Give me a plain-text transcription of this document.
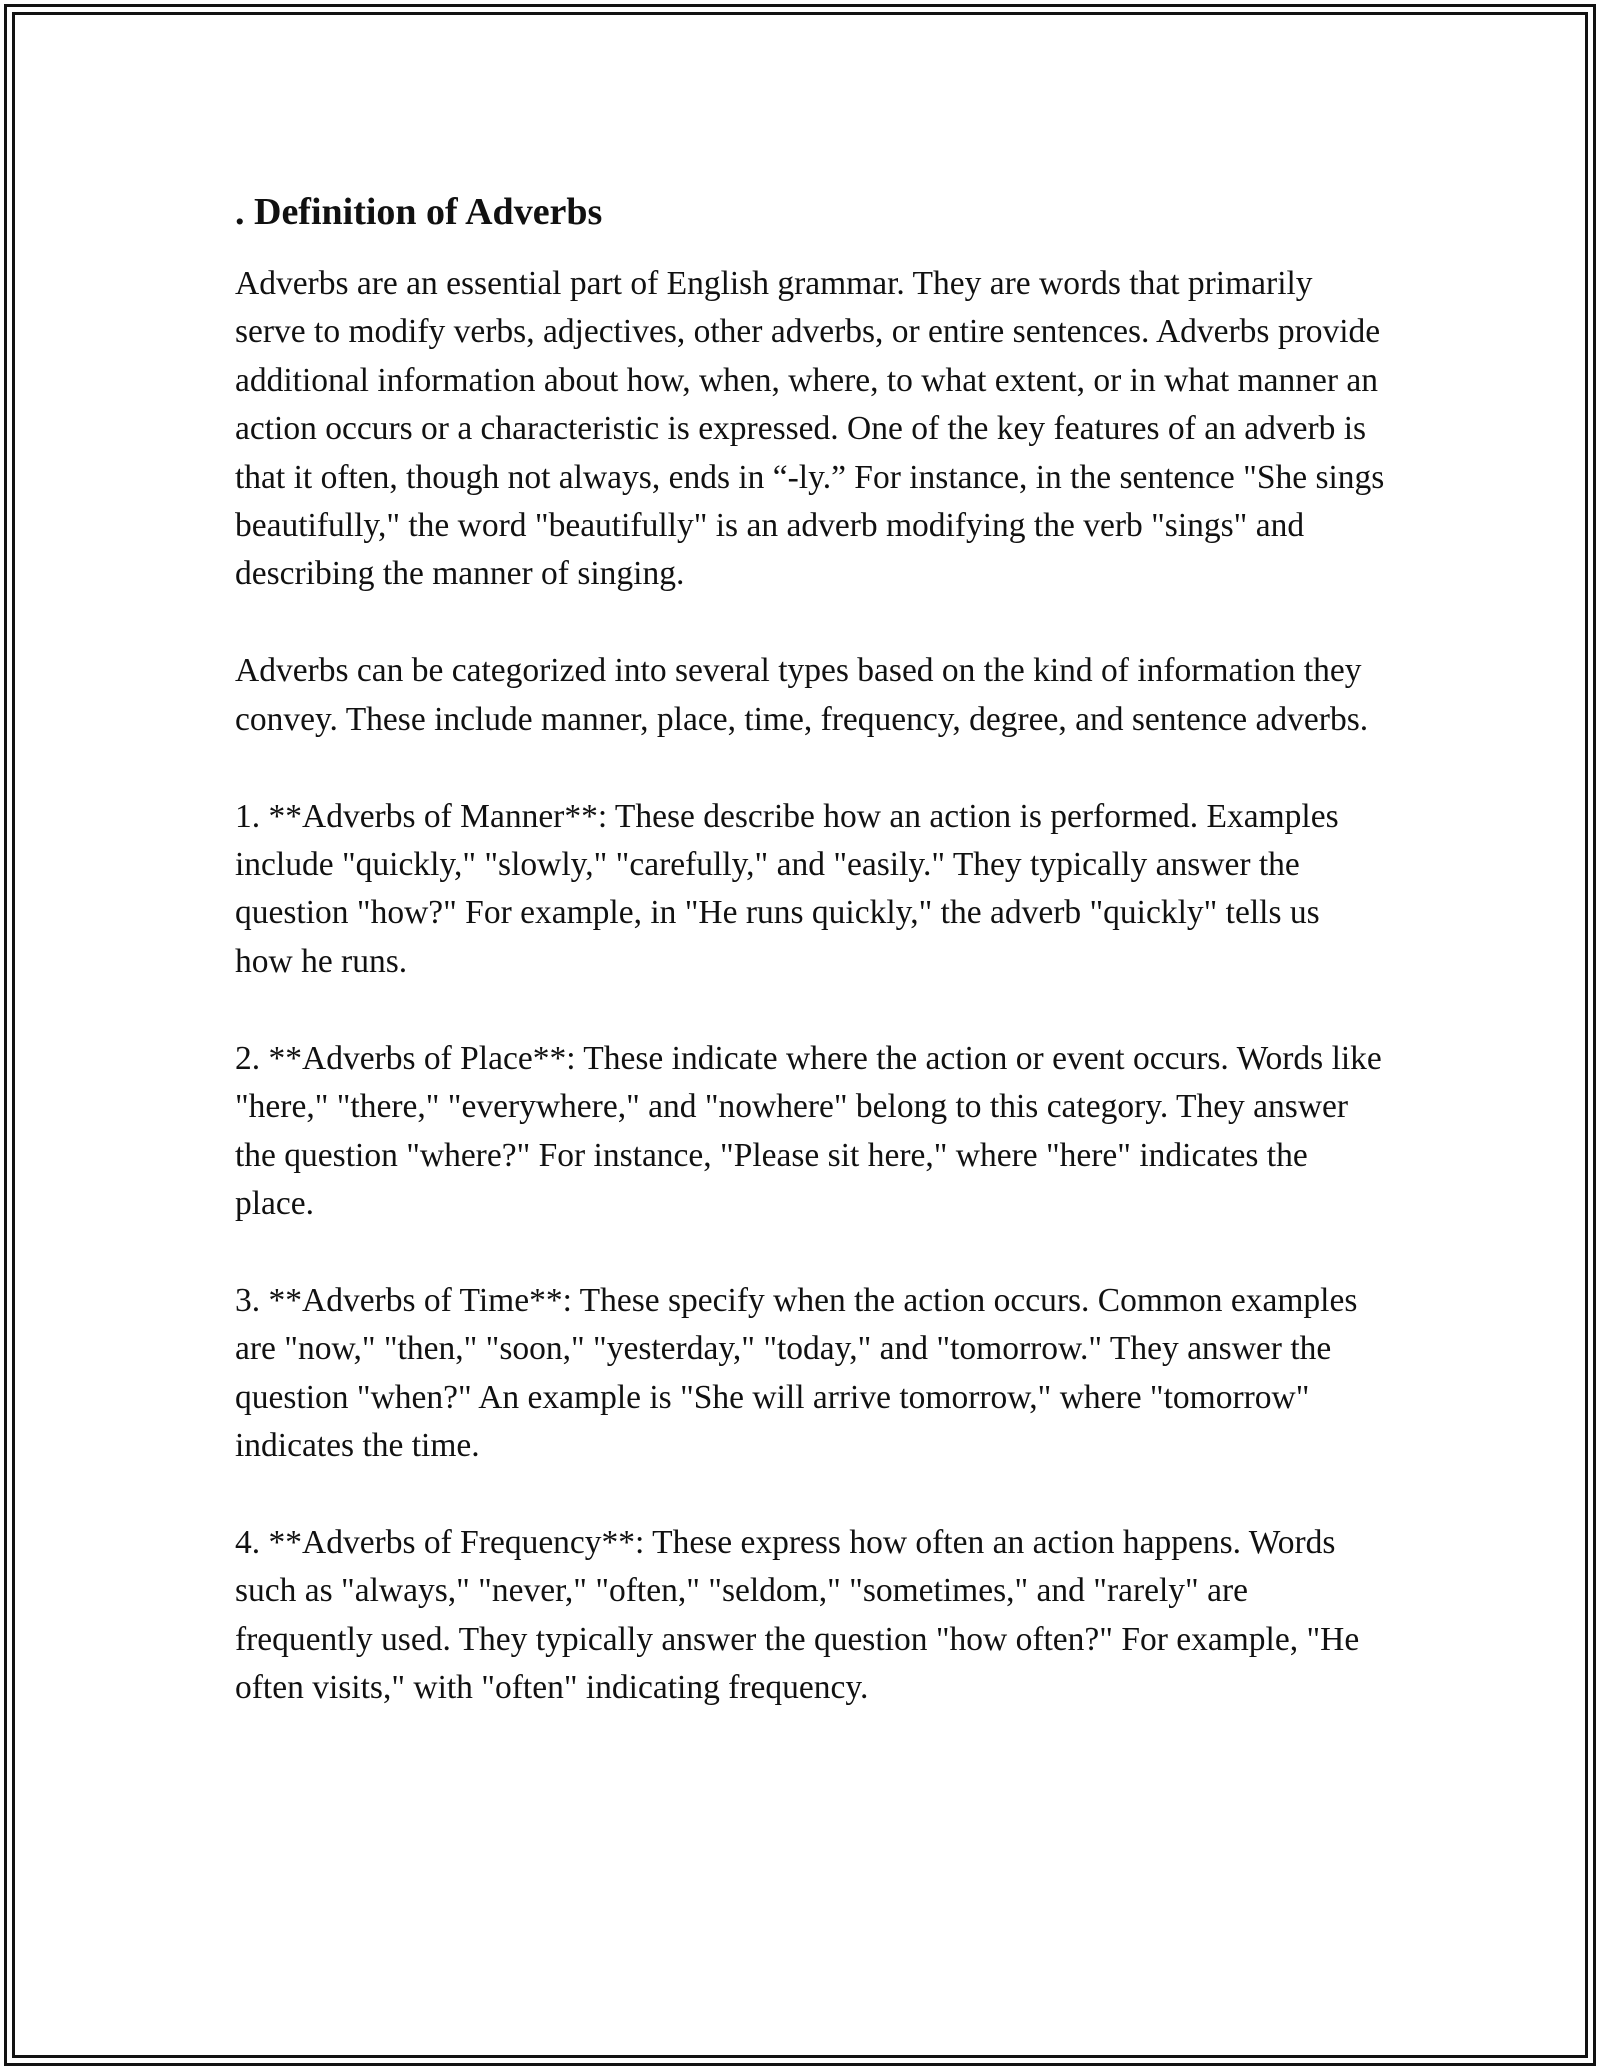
. Definition of Adverbs

Adverbs are an essential part of English grammar. They are words that primarily serve to modify verbs, adjectives, other adverbs, or entire sentences. Adverbs provide additional information about how, when, where, to what extent, or in what manner an action occurs or a characteristic is expressed. One of the key features of an adverb is that it often, though not always, ends in “-ly.” For instance, in the sentence "She sings beautifully," the word "beautifully" is an adverb modifying the verb "sings" and describing the manner of singing.

Adverbs can be categorized into several types based on the kind of information they convey. These include manner, place, time, frequency, degree, and sentence adverbs.

1. **Adverbs of Manner**: These describe how an action is performed. Examples include "quickly," "slowly," "carefully," and "easily." They typically answer the question "how?" For example, in "He runs quickly," the adverb "quickly" tells us how he runs.

2. **Adverbs of Place**: These indicate where the action or event occurs. Words like "here," "there," "everywhere," and "nowhere" belong to this category. They answer the question "where?" For instance, "Please sit here," where "here" indicates the place.

3. **Adverbs of Time**: These specify when the action occurs. Common examples are "now," "then," "soon," "yesterday," "today," and "tomorrow." They answer the question "when?" An example is "She will arrive tomorrow," where "tomorrow" indicates the time.

4. **Adverbs of Frequency**: These express how often an action happens. Words such as "always," "never," "often," "seldom," "sometimes," and "rarely" are frequently used. They typically answer the question "how often?" For example, "He often visits," with "often" indicating frequency.
